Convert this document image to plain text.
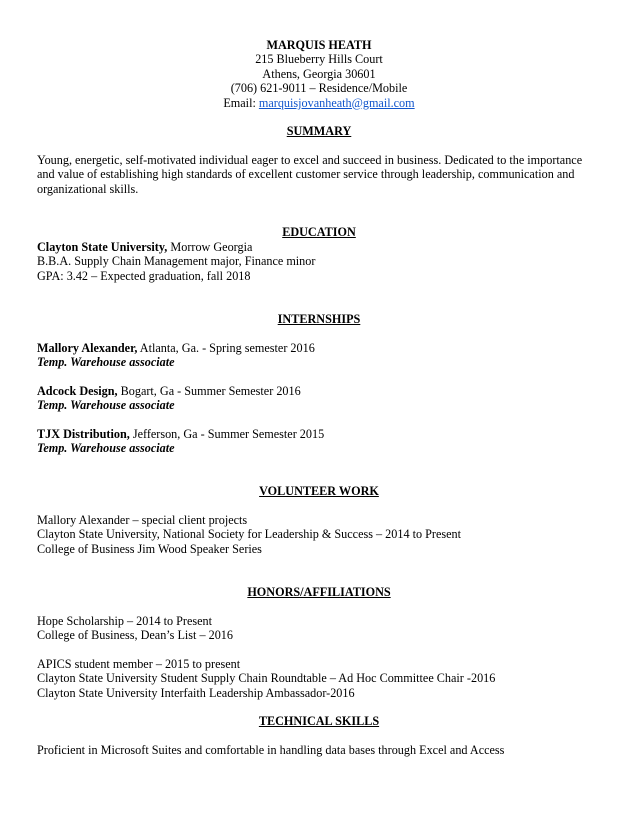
MARQUIS HEATH
215 Blueberry Hills Court
Athens, Georgia 30601
(706) 621-9011 – Residence/Mobile
Email: marquisjovanheath@gmail.com
SUMMARY
Young, energetic, self-motivated individual eager to excel and succeed in business. Dedicated to the importance and value of establishing high standards of excellent customer service through leadership, communication and organizational skills.
EDUCATION
Clayton State University, Morrow Georgia
B.B.A. Supply Chain Management major, Finance minor
GPA: 3.42 – Expected graduation, fall 2018
INTERNSHIPS
Mallory Alexander, Atlanta, Ga. - Spring semester 2016
Temp. Warehouse associate
Adcock Design, Bogart, Ga - Summer Semester 2016
Temp. Warehouse associate
TJX Distribution, Jefferson, Ga - Summer Semester 2015
Temp. Warehouse associate
VOLUNTEER WORK
Mallory Alexander – special client projects
Clayton State University, National Society for Leadership & Success – 2014 to Present
College of Business Jim Wood Speaker Series
HONORS/AFFILIATIONS
Hope Scholarship – 2014 to Present
College of Business, Dean’s List – 2016
APICS student member – 2015 to present
Clayton State University Student Supply Chain Roundtable – Ad Hoc Committee Chair -2016
Clayton State University Interfaith Leadership Ambassador-2016
TECHNICAL SKILLS
Proficient in Microsoft Suites and comfortable in handling data bases through Excel and Access
